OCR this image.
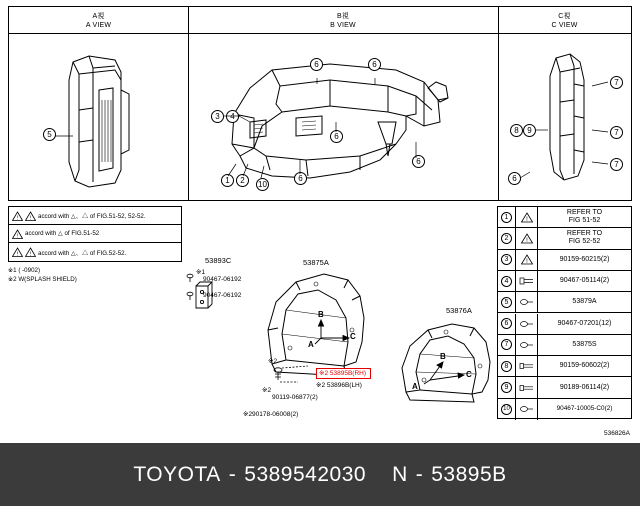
A視
A VIEW
B視
B VIEW
C視
C VIEW
5
6	6
3	4
1	2	10
6
6
6
7
7
7
8	9
6
! ! accord with △、△ of FIG.51-52, 52-52.
! accord with △ of FIG.51-52
! ! accord with △、△ of FIG.52-52.
※1 ( -0902)
※2 W(SPLASH SHIELD)
53893C
※1
90467-06192
90467-06192
53875A
B
A
C
53876A
B
A
C
※2 53895B(RH)
※2 53896B(LH)
※2
※2
90119-06877(2)
※290178-06008(2)
1	!
REFER TO
FIG 51-52
2	!
REFER TO
FIG 52-52
3	!	90159-60215(2)
4	90467-05114(2)
5	53879A
6	90467-07201(12)
7	53875S
8	90159-60602(2)
9	90189-06114(2)
10	90467-10005-C0(2)
536826A
TOYOTA - 5389542030 N - 53895B
